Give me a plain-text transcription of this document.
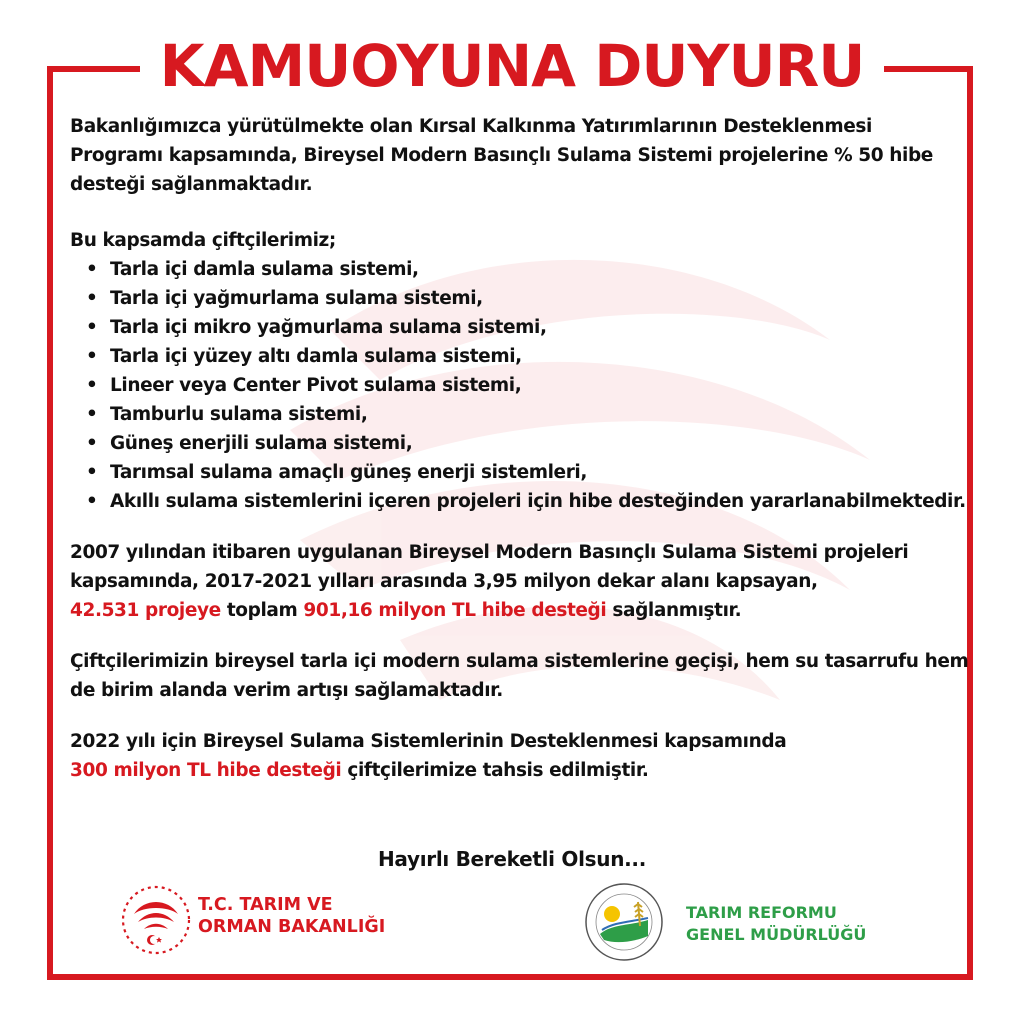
KAMUOYUNA DUYURU

Bakanlığımızca yürütülmekte olan Kırsal Kalkınma Yatırımlarının Desteklenmesi Programı kapsamında, Bireysel Modern Basınçlı Sulama Sistemi projelerine % 50 hibe desteği sağlanmaktadır.

Bu kapsamda çiftçilerimiz;

• Tarla içi damla sulama sistemi,
• Tarla içi yağmurlama sulama sistemi,
• Tarla içi mikro yağmurlama sulama sistemi,
• Tarla içi yüzey altı damla sulama sistemi,
• Lineer veya Center Pivot sulama sistemi,
• Tamburlu sulama sistemi,
• Güneş enerjili sulama sistemi,
• Tarımsal sulama amaçlı güneş enerji sistemleri,
• Akıllı sulama sistemlerini içeren projeleri için hibe desteğinden yararlanabilmektedir.

2007 yılından itibaren uygulanan Bireysel Modern Basınçlı Sulama Sistemi projeleri
kapsamında, 2017-2021 yılları arasında 3,95 milyon dekar alanı kapsayan,
42.531 projeye toplam 901,16 milyon TL hibe desteği sağlanmıştır.

Çiftçilerimizin bireysel tarla içi modern sulama sistemlerine geçişi, hem su tasarrufu hem de birim alanda verim artışı sağlamaktadır.

2022 yılı için Bireysel Sulama Sistemlerinin Desteklenmesi kapsamında
300 milyon TL hibe desteği çiftçilerimize tahsis edilmiştir.

Hayırlı Bereketli Olsun...
T.C. TARIM VE
ORMAN BAKANLIĞI
TARIM REFORMU
GENEL MÜDÜRLÜĞÜ
